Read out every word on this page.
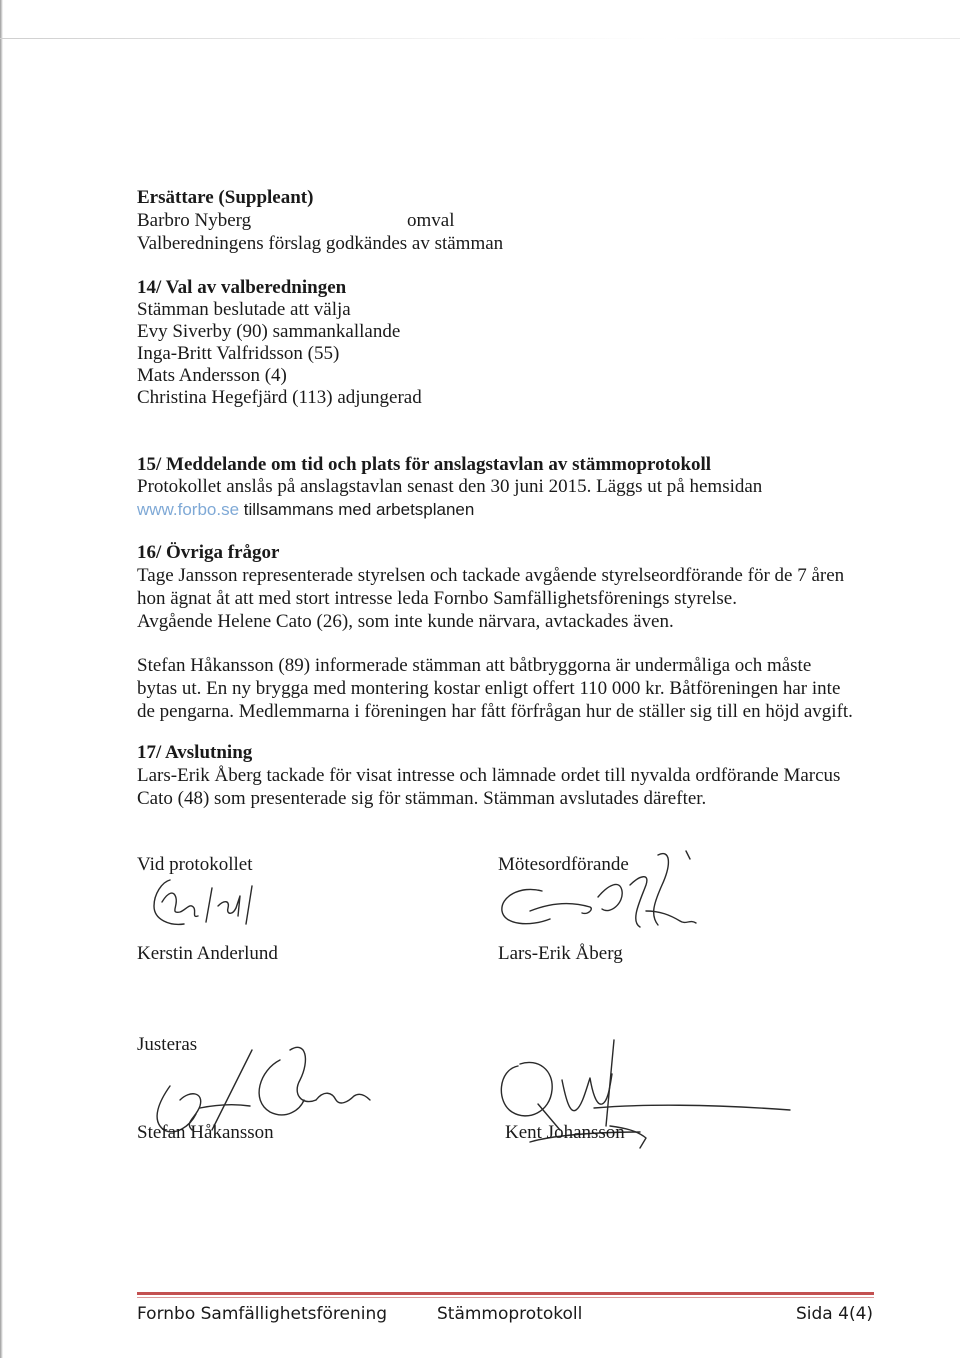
Ersättare (Suppleant)
Barbro Nyberg	omval
Valberedningens förslag godkändes av stämman
14/ Val av valberedningen
Stämman beslutade att välja
Evy Siverby (90) sammankallande
Inga-Britt Valfridsson (55)
Mats Andersson (4)
Christina Hegefjärd (113) adjungerad
15/ Meddelande om tid och plats för anslagstavlan av stämmoprotokoll
Protokollet anslås på anslagstavlan senast den 30 juni 2015. Läggs ut på hemsidan
www.forbo.se tillsammans med arbetsplanen
16/ Övriga frågor
Tage Jansson representerade styrelsen och tackade avgående styrelseordförande för de 7 åren
hon ägnat åt att med stort intresse leda Fornbo Samfällighetsförenings styrelse.
Avgående Helene Cato (26), som inte kunde närvara, avtackades även.
Stefan Håkansson (89) informerade stämman att båtbryggorna är undermåliga och måste
bytas ut. En ny brygga med montering kostar enligt offert 110 000 kr. Båtföreningen har inte
de pengarna. Medlemmarna i föreningen har fått förfrågan hur de ställer sig till en höjd avgift.
17/ Avslutning
Lars-Erik Åberg tackade för visat intresse och lämnade ordet till nyvalda ordförande Marcus
Cato (48) som presenterade sig för stämman. Stämman avslutades därefter.
Vid protokollet	Mötesordförande
Kerstin Anderlund	Lars-Erik Åberg
Justeras
Stefan Håkansson	Kent Johansson
Fornbo Samfällighetsförening	Stämmoprotokoll	Sida 4(4)
